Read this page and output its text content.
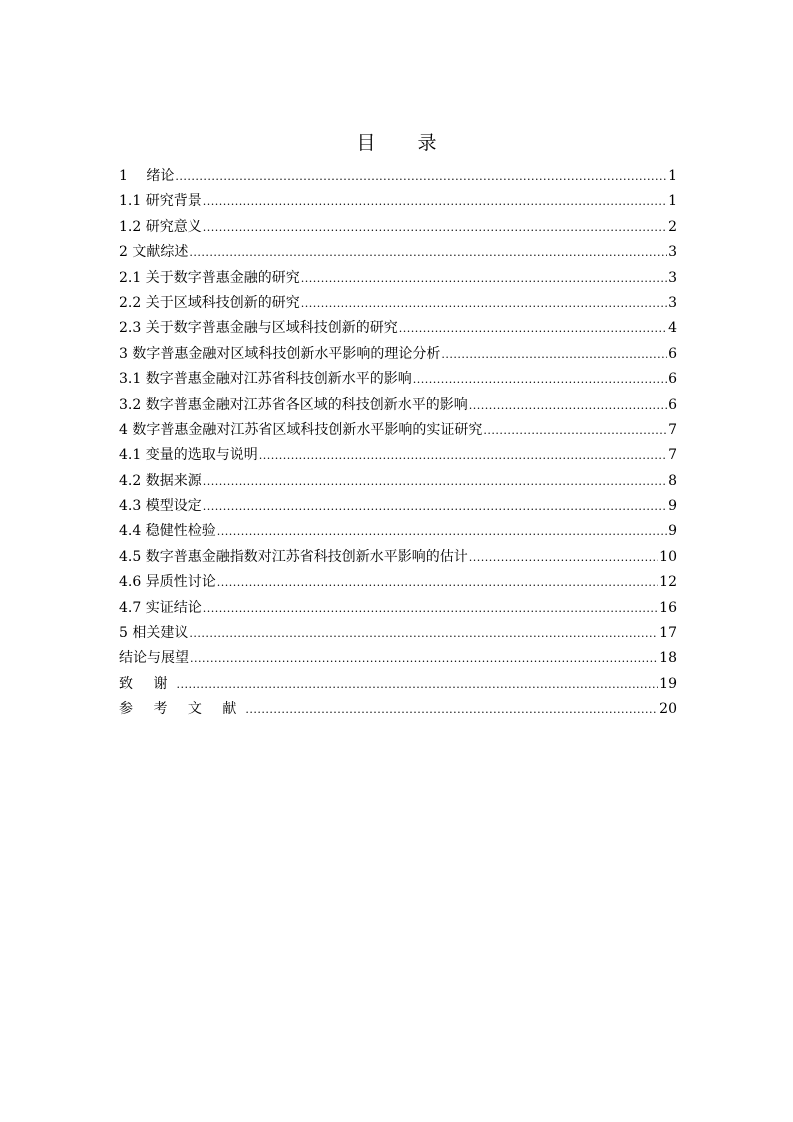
目 录
1　 绪论 .....	1
1.1 研究背景 .....	1
1.2 研究意义 .....	2
2 文献综述 .....	3
2.1 关于数字普惠金融的研究 .....	3
2.2 关于区域科技创新的研究 .....	3
2.3 关于数字普惠金融与区域科技创新的研究 .....	4
3 数字普惠金融对区域科技创新水平影响的理论分析 .....	6
3.1 数字普惠金融对江苏省科技创新水平的影响 .....	6
3.2 数字普惠金融对江苏省各区域的科技创新水平的影响 .....	6
4 数字普惠金融对江苏省区域科技创新水平影响的实证研究 .....	7
4.1 变量的选取与说明 .....	7
4.2 数据来源 .....	8
4.3 模型设定 .....	9
4.4 稳健性检验 .....	9
4.5 数字普惠金融指数对江苏省科技创新水平影响的估计 .....	10
4.6 异质性讨论 .....	12
4.7 实证结论 .....	16
5 相关建议 .....	17
结论与展望 .....	18
致 谢 .....	19
参 考 文 献 .....	20
